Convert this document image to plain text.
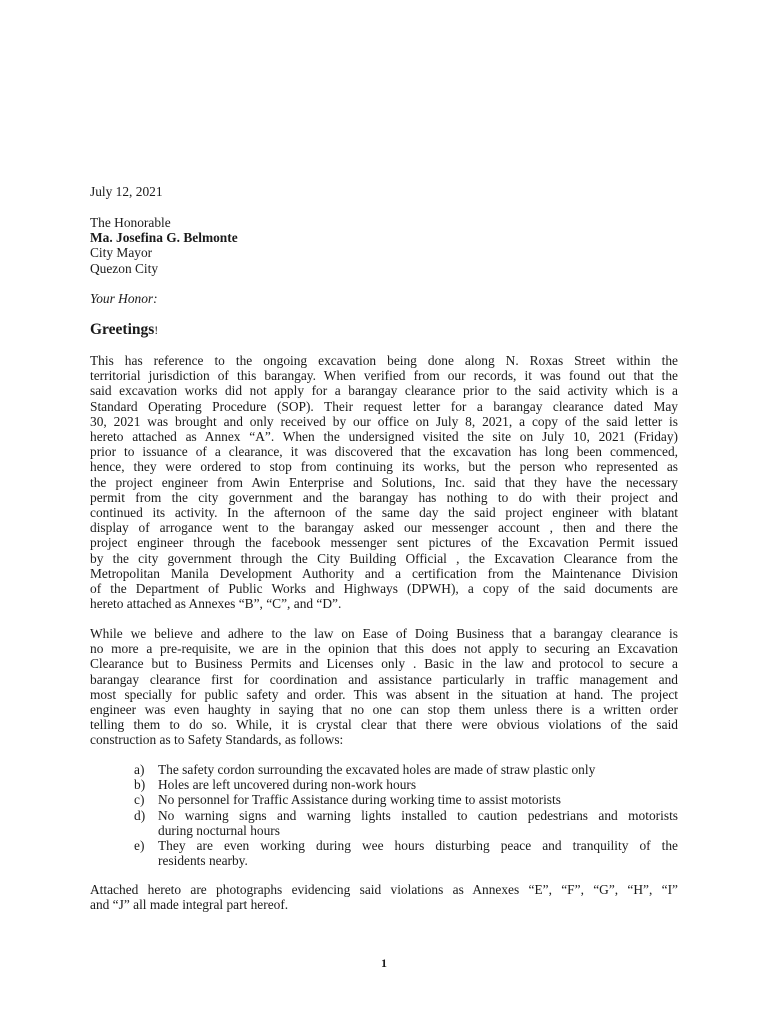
July 12, 2021
The Honorable
Ma. Josefina G. Belmonte
City Mayor
Quezon City
Your Honor:
Greetings!
This has reference to the ongoing excavation being done along N. Roxas Street within the
territorial jurisdiction of this barangay. When verified from our records, it was found out that the
said excavation works did not apply for a barangay clearance prior to the said activity which is a
Standard Operating Procedure (SOP). Their request letter for a barangay clearance dated May
30, 2021 was brought and only received by our office on July 8, 2021, a copy of the said letter is
hereto attached as Annex “A”. When the undersigned visited the site on July 10, 2021 (Friday)
prior to issuance of a clearance, it was discovered that the excavation has long been commenced,
hence, they were ordered to stop from continuing its works, but the person who represented as
the project engineer from Awin Enterprise and Solutions, Inc. said that they have the necessary
permit from the city government and the barangay has nothing to do with their project and
continued its activity. In the afternoon of the same day the said project engineer with blatant
display of arrogance went to the barangay asked our messenger account , then and there the
project engineer through the facebook messenger sent pictures of the Excavation Permit issued
by the city government through the City Building Official , the Excavation Clearance from the
Metropolitan Manila Development Authority and a certification from the Maintenance Division
of the Department of Public Works and Highways (DPWH), a copy of the said documents are
hereto attached as Annexes “B”, “C”, and “D”.
While we believe and adhere to the law on Ease of Doing Business that a barangay clearance is
no more a pre-requisite, we are in the opinion that this does not apply to securing an Excavation
Clearance but to Business Permits and Licenses only . Basic in the law and protocol to secure a
barangay clearance first for coordination and assistance particularly in traffic management and
most specially for public safety and order. This was absent in the situation at hand. The project
engineer was even haughty in saying that no one can stop them unless there is a written order
telling them to do so. While, it is crystal clear that there were obvious violations of the said
construction as to Safety Standards, as follows:
a) The safety cordon surrounding the excavated holes are made of straw plastic only
b) Holes are left uncovered during non-work hours
c) No personnel for Traffic Assistance during working time to assist motorists
d) No warning signs and warning lights installed to caution pedestrians and motorists
during nocturnal hours
e) They are even working during wee hours disturbing peace and tranquility of the
residents nearby.
Attached hereto are photographs evidencing said violations as Annexes “E”, “F”, “G”, “H”, “I”
and “J” all made integral part hereof.
1
